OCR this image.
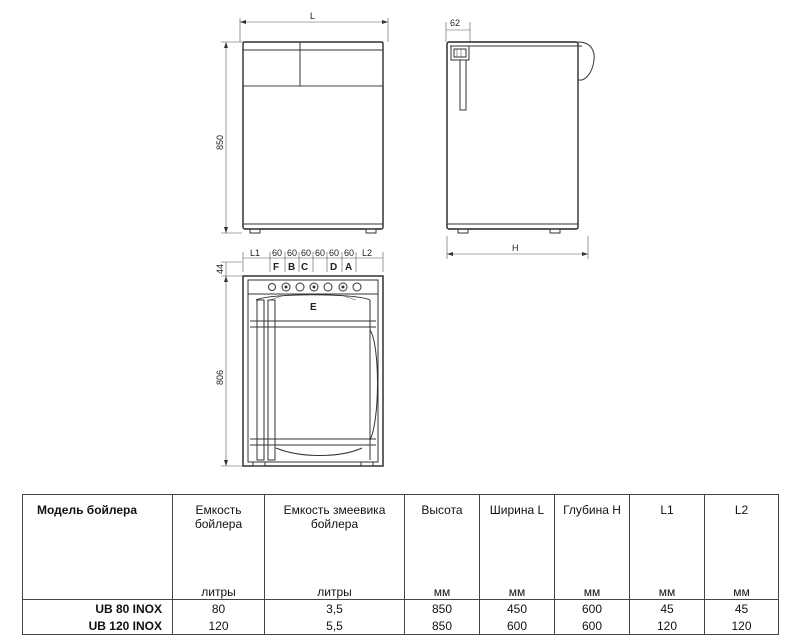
L
850
62
H
L1 60 60 60 60 60 60 L2
F B C D A
44
806
E
Модель бойлера	Емкость бойлера	Емкость змеевика бойлера	Высота	Ширина L	Глубина H	L1	L2
	литры	литры	мм	мм	мм	мм	мм
UB 80 INOX	80	3,5	850	450	600	45	45
UB 120 INOX	120	5,5	850	600	600	120	120
